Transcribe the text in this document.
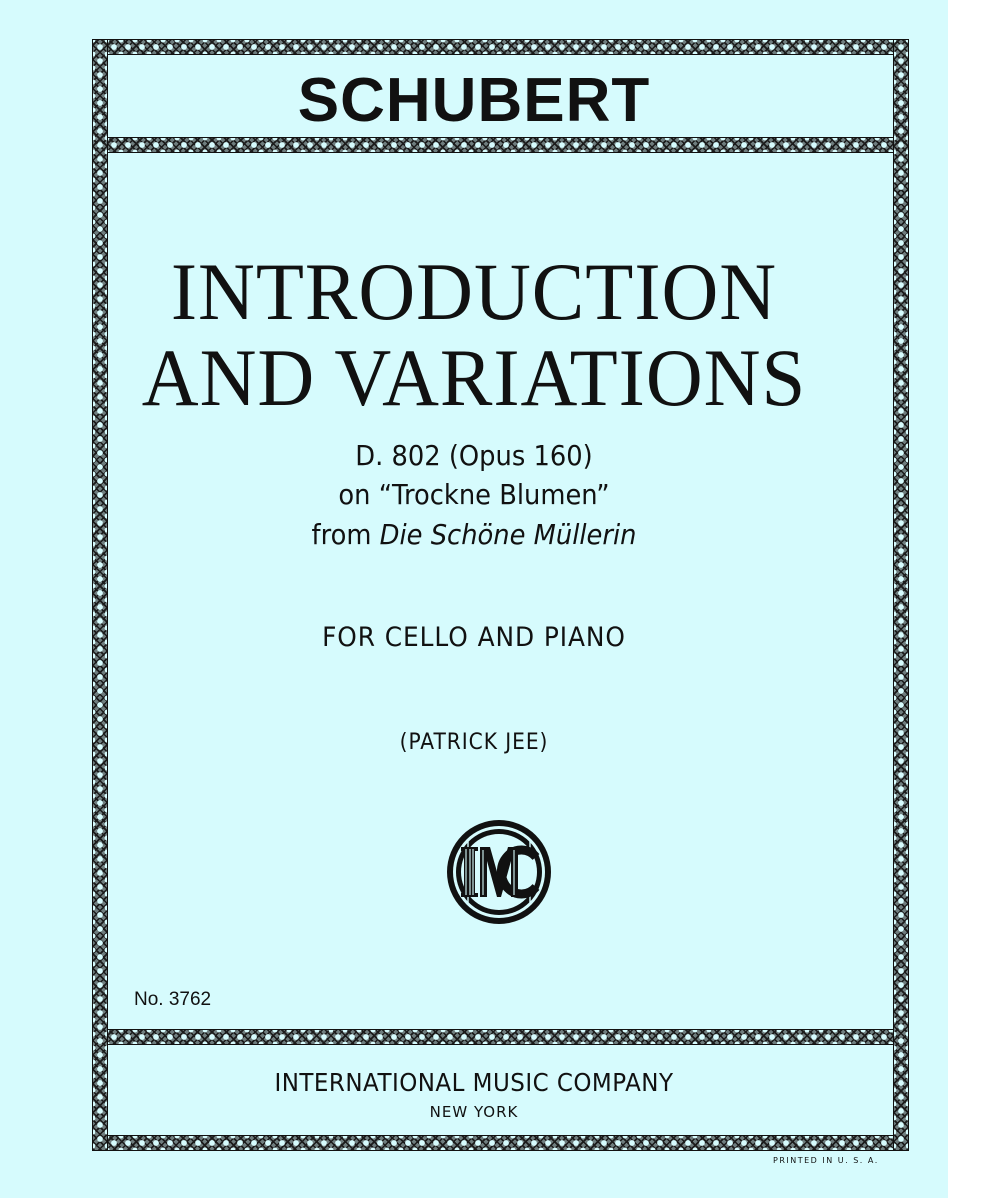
SCHUBERT
INTRODUCTION
AND VARIATIONS
D. 802 (Opus 160)
on “Trockne Blumen”
from Die Schöne Müllerin
FOR CELLO AND PIANO
(PATRICK JEE)
No. 3762
INTERNATIONAL MUSIC COMPANY
NEW YORK
PRINTED IN U. S. A.
